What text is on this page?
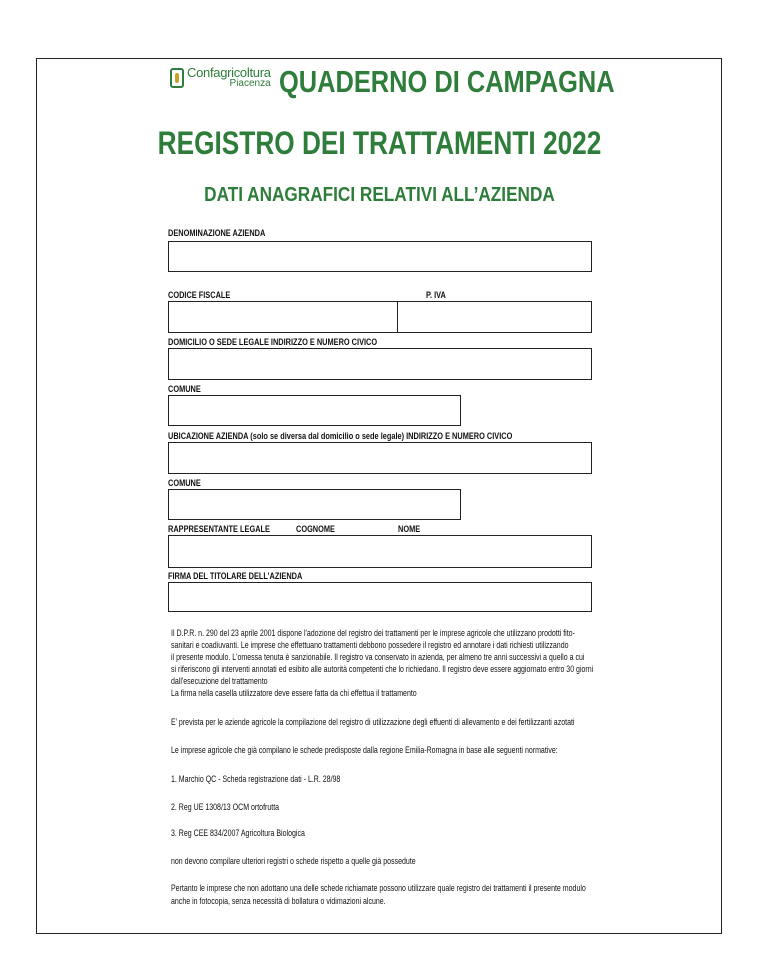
Confagricoltura
Piacenza QUADERNO DI CAMPAGNA
REGISTRO DEI TRATTAMENTI 2022
DATI ANAGRAFICI RELATIVI ALL’AZIENDA
DENOMINAZIONE AZIENDA
CODICE FISCALE	P. IVA
DOMICILIO O SEDE LEGALE INDIRIZZO E NUMERO CIVICO
COMUNE
UBICAZIONE AZIENDA (solo se diversa dal domicilio o sede legale) INDIRIZZO E NUMERO CIVICO
COMUNE
RAPPRESENTANTE LEGALE	COGNOME	NOME
FIRMA DEL TITOLARE DELL’AZIENDA
Il D.P.R. n. 290 del 23 aprile 2001 dispone l'adozione del registro dei trattamenti per le imprese agricole che utilizzano prodotti fito-
sanitari e coadiuvanti. Le imprese che effettuano trattamenti debbono possedere il registro ed annotare i dati richiesti utilizzando
il presente modulo. L'omessa tenuta è sanzionabile. Il registro va conservato in azienda, per almeno tre anni successivi a quello a cui
si riferiscono gli interventi annotati ed esibito alle autorità competenti che lo richiedano. Il registro deve essere aggiornato entro 30 giorni
dall'esecuzione del trattamento
La firma nella casella utilizzatore deve essere fatta da chi effettua il trattamento
E’ prevista per le aziende agricole la compilazione del registro di utilizzazione degli effuenti di allevamento e dei fertilizzanti azotati
Le imprese agricole che già compilano le schede predisposte dalla regione Emilia-Romagna in base alle seguenti normative:
1. Marchio QC - Scheda registrazione dati - L.R. 28/98
2. Reg UE 1308/13 OCM ortofrutta
3. Reg CEE 834/2007 Agricoltura Biologica
non devono compilare ulteriori registri o schede rispetto a quelle già possedute
Pertanto le imprese che non adottano una delle schede richiamate possono utilizzare quale registro dei trattamenti il presente modulo
anche in fotocopia, senza necessità di bollatura o vidimazioni alcune.
